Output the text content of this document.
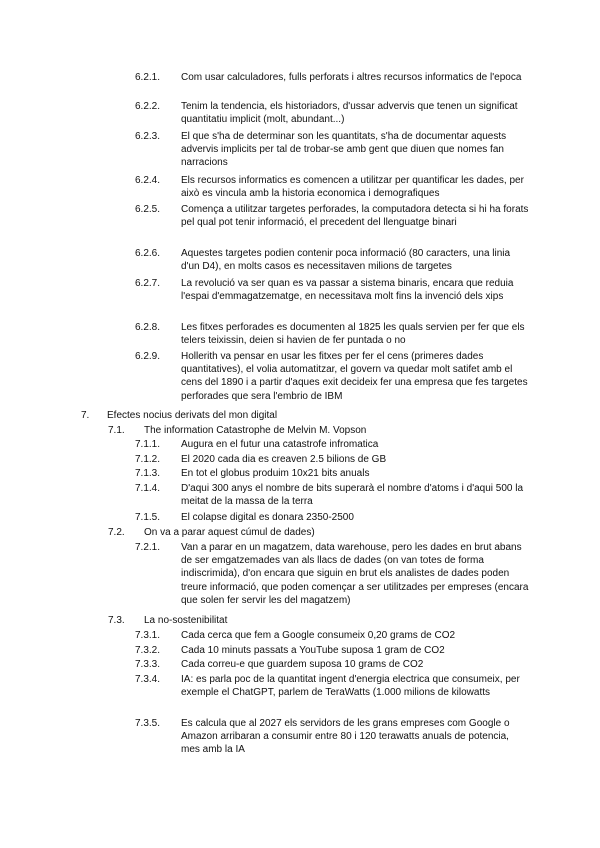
6.2.1. Com usar calculadores, fulls perforats i altres recursos informatics de l'epoca
6.2.2. Tenim la tendencia, els historiadors, d'ussar advervis que tenen un significat quantitatiu implicit (molt, abundant...)
6.2.3. El que s'ha de determinar son les quantitats, s'ha de documentar aquests advervis implicits per tal de trobar-se amb gent que diuen que nomes fan narracions
6.2.4. Els recursos informatics es comencen a utilitzar per quantificar les dades, per això es vincula amb la historia economica i demografiques
6.2.5. Comença a utilitzar targetes perforades, la computadora detecta si hi ha forats pel qual pot tenir informació, el precedent del llenguatge binari
6.2.6. Aquestes targetes podien contenir poca informació (80 caracters, una linia d'un D4), en molts casos es necessitaven milions de targetes
6.2.7. La revolució va ser quan es va passar a sistema binaris, encara que reduia l'espai d'emmagatzematge, en necessitava molt fins la invenció dels xips
6.2.8. Les fitxes perforades es documenten al 1825 les quals servien per fer que els telers teixissin, deien si havien de fer puntada o no
6.2.9. Hollerith va pensar en usar les fitxes per fer el cens (primeres dades quantitatives), el volia automatitzar, el govern va quedar molt satifet amb el cens del 1890 i a partir d'aques exit decideix fer una empresa que fes targetes perforades que sera l'embrio de IBM
7. Efectes nocius derivats del mon digital
7.1. The information Catastrophe de Melvin M. Vopson
7.1.1. Augura en el futur una catastrofe infromatica
7.1.2. El 2020 cada dia es creaven 2.5 bilions de GB
7.1.3. En tot el globus produim 10x21 bits anuals
7.1.4. D'aqui 300 anys el nombre de bits superarà el nombre d'atoms i d'aqui 500 la meitat de la massa de la terra
7.1.5. El colapse digital es donara 2350-2500
7.2. On va a parar aquest cúmul de dades)
7.2.1. Van a parar en un magatzem, data warehouse, pero les dades en brut abans de ser emgatzemades van als llacs de dades (on van totes de forma indiscrimida), d'on encara que siguin en brut els analistes de dades poden treure informació, que poden començar a ser utilitzades per empreses (encara que solen fer servir les del magatzem)
7.3. La no-sostenibilitat
7.3.1. Cada cerca que fem a Google consumeix 0,20 grams de CO2
7.3.2. Cada 10 minuts passats a YouTube suposa 1 gram de CO2
7.3.3. Cada correu-e que guardem suposa 10 grams de CO2
7.3.4. IA: es parla poc de la quantitat ingent d'energia electrica que consumeix, per exemple el ChatGPT, parlem de TeraWatts (1.000 milions de kilowatts
7.3.5. Es calcula que al 2027 els servidors de les grans empreses com Google o Amazon arribaran a consumir entre 80 i 120 terawatts anuals de potencia, mes amb la IA
